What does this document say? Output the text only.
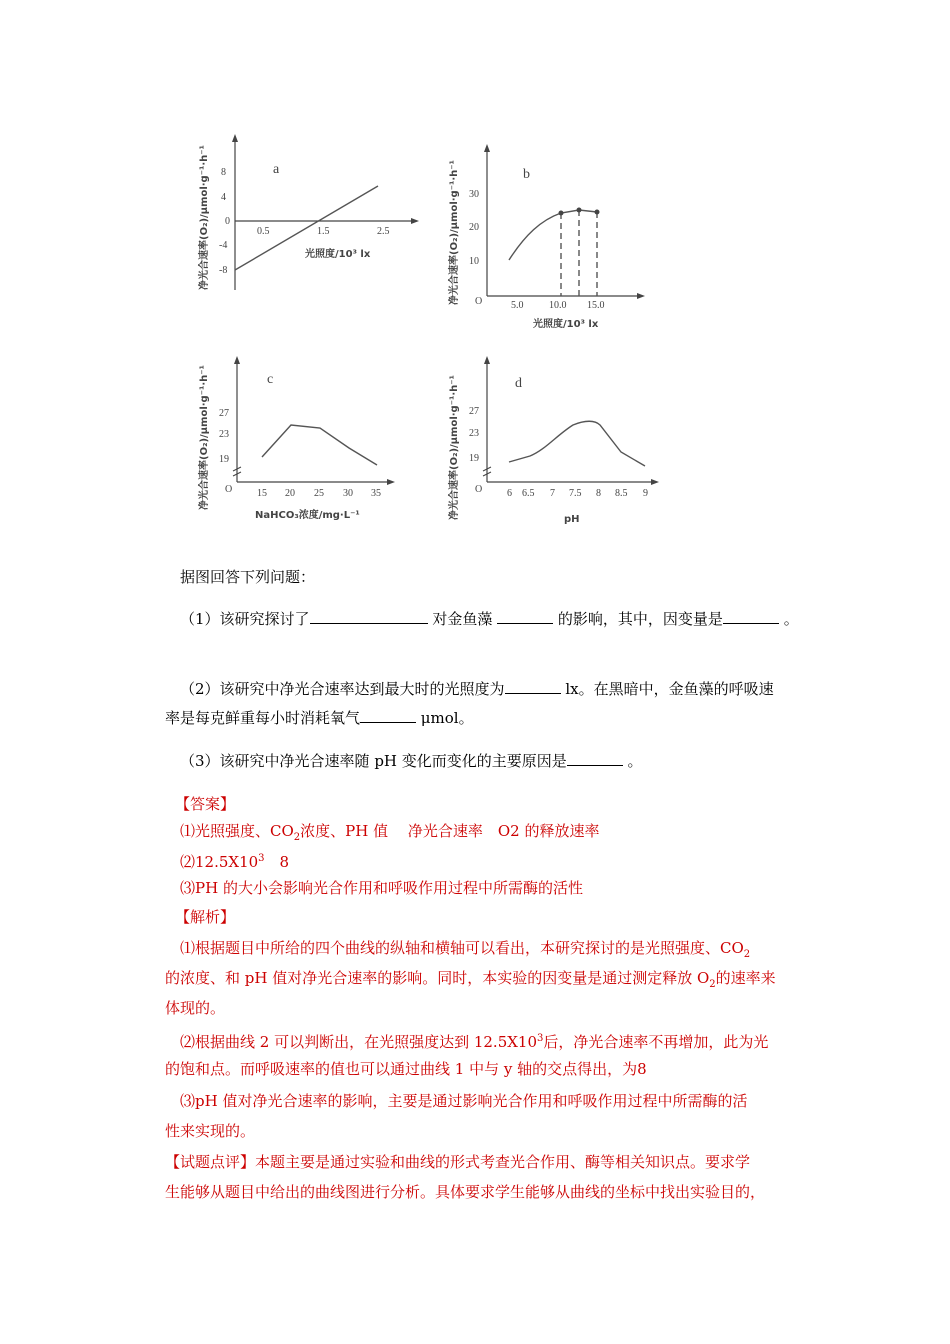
净光合速率(O₂)/μmol·g⁻¹·h⁻¹ 8
4
0
-4
-8
0.5	1.5	2.5
a
光照度/10³ lx	净光合速率(O₂)/μmol·g⁻¹·h⁻¹ 30
20
10
O	5.0	10.0 15.0
b
光照度/10³ lx
净光合速率(O₂)/μmol·g⁻¹·h⁻¹ 27
23
19
O 15 20 25 30 35
c
NaHCO₃浓度/mg·L⁻¹	净光合速率(O₂)/μmol·g⁻¹·h⁻¹ 27
23
19
O 6 6.5 7 7.5 8 8.5 9
d
pH
据图回答下列问题：
（1）该研究探讨了	对金鱼藻	的影响，其中，因变量是	。
（2）该研究中净光合速率达到最大时的光照度为	lx。在黑暗中，金鱼藻的呼吸速
率是每克鲜重每小时消耗氧气	μmol。
（3）该研究中净光合速率随 pH 变化而变化的主要原因是	。
【答案】
⑴光照强度、$CO_2$浓度、PH 值　 净光合速率　O2 的释放速率
$⑵12.5X10^3$　8
⑶PH 的大小会影响光合作用和呼吸作用过程中所需酶的活性
【解析】
⑴根据题目中所给的四个曲线的纵轴和横轴可以看出，本研究探讨的是光照强度、$CO_2$
的浓度、和 pH 值对净光合速率的影响。同时，本实验的因变量是通过测定释放 $O_2$的速率来
体现的。
⑵根据曲线 2 可以判断出，在光照强度达到 $12.5X10^3$后，净光合速率不再增加，此为光
的饱和点。而呼吸速率的值也可以通过曲线 1 中与 y 轴的交点得出，为8
⑶pH 值对净光合速率的影响，主要是通过影响光合作用和呼吸作用过程中所需酶的活
性来实现的。
【试题点评】本题主要是通过实验和曲线的形式考查光合作用、酶等相关知识点。要求学
生能够从题目中给出的曲线图进行分析。具体要求学生能够从曲线的坐标中找出实验目的，
